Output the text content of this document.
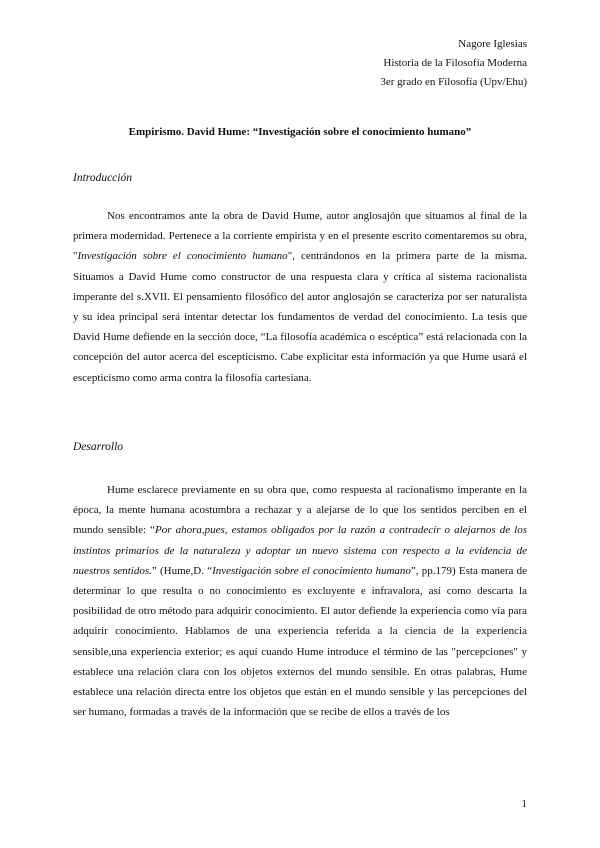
Nagore Iglesias
Historia de la Filosofía Moderna
3er grado en Filosofía (Upv/Ehu)
Empirismo. David Hume: “Investigación sobre el conocimiento humano”
Introducción

Nos encontramos ante la obra de David Hume, autor anglosajón que situamos al final de la primera modernidad. Pertenece a la corriente empirista y en el presente escrito comentaremos su obra, "Investigación sobre el conocimiento humano", centrándonos en la primera parte de la misma. Situamos a David Hume como constructor de una respuesta clara y crítica al sistema racionalista imperante del s.XVII. El pensamiento filosófico del autor anglosajón se caracteriza por ser naturalista y su idea principal será intentar detectar los fundamentos de verdad del conocimiento. La tesis que David Hume defiende en la sección doce, “La filosofía académica o escéptica” está relacionada con la concepción del autor acerca del escepticismo. Cabe explicitar esta información ya que Hume usará el escepticismo como arma contra la filosofía cartesiana.

Desarrollo

Hume esclarece previamente en su obra que, como respuesta al racionalismo imperante en la época, la mente humana acostumbra a rechazar y a alejarse de lo que los sentidos perciben en el mundo sensible: “Por ahora,pues, estamos obligados por la razón a contradecir o alejarnos de los instintos primarios de la naturaleza y adoptar un nuevo sistema con respecto a la evidencia de nuestros sentidos.” (Hume,D. “Investigación sobre el conocimiento humano”, pp.179) Esta manera de determinar lo que resulta o no conocimiento es excluyente e infravalora, así como descarta la posibilidad de otro método para adquirir conocimiento. El autor defiende la experiencia como vía para adquirir conocimiento. Hablamos de una experiencia referida a la ciencia de la experiencia sensible,una experiencia exterior; es aquí cuando Hume introduce el término de las "percepciones" y establece una relación clara con los objetos externos del mundo sensible. En otras palabras, Hume establece una relación directa entre los objetos que están en el mundo sensible y las percepciones del ser humano, formadas a través de la información que se recibe de ellos a través de los

1
